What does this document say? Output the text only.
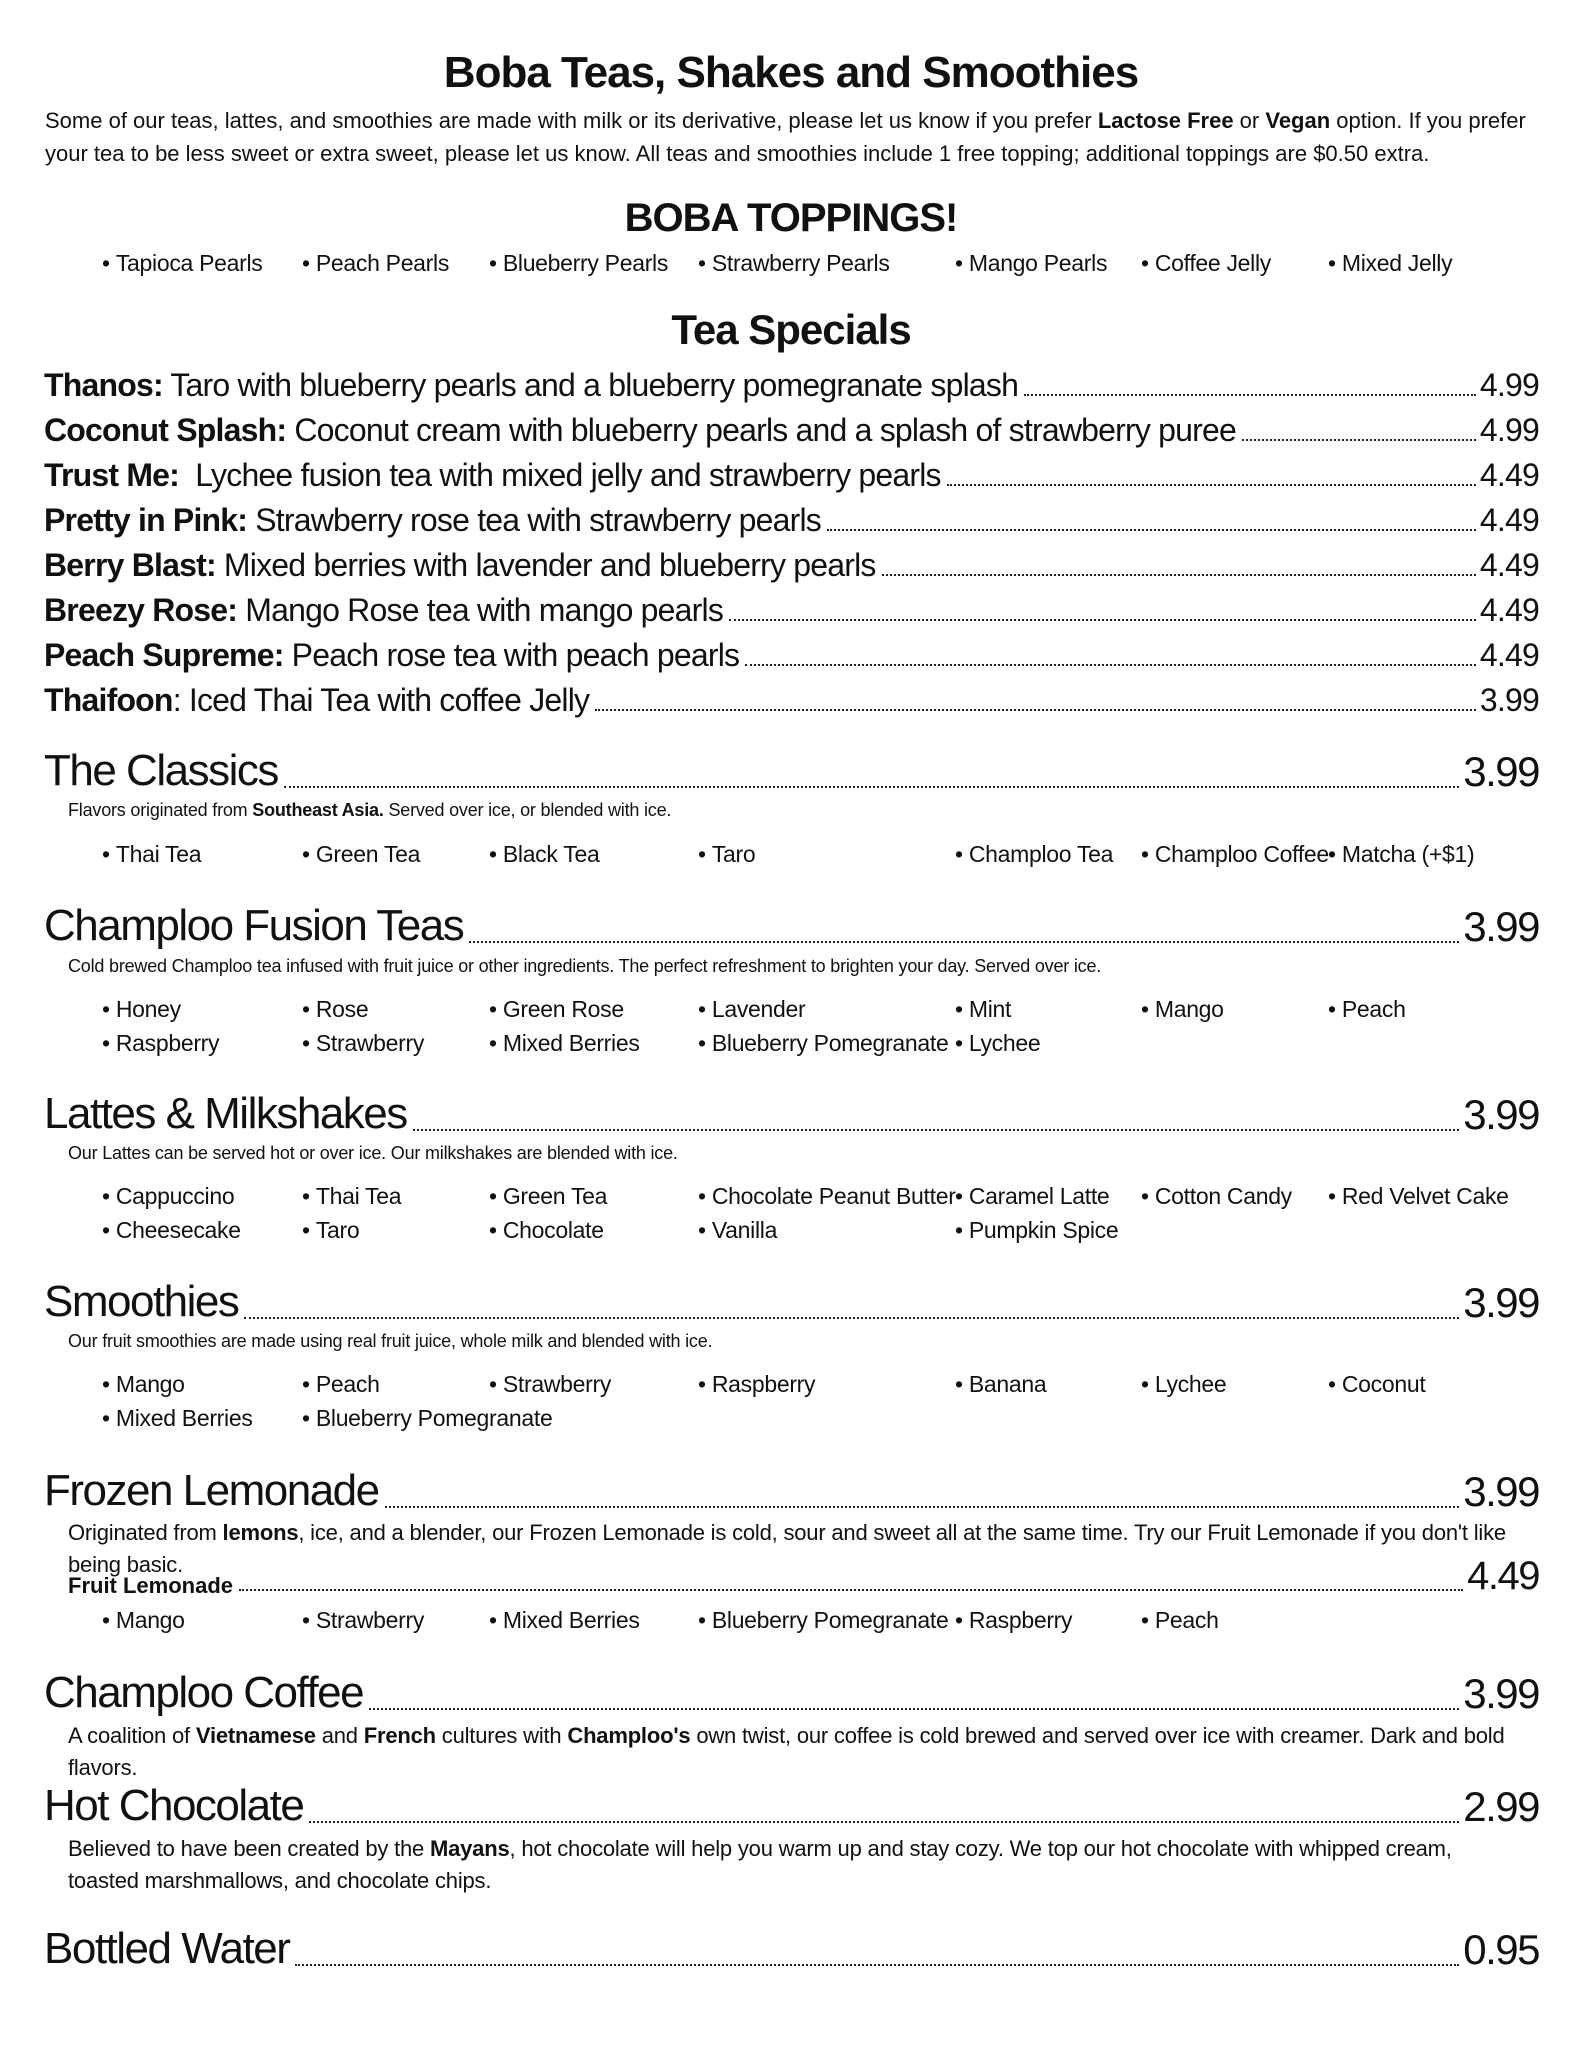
Boba Teas, Shakes and Smoothies
Some of our teas, lattes, and smoothies are made with milk or its derivative, please let us know if you prefer Lactose Free or Vegan option. If you prefer your tea to be less sweet or extra sweet, please let us know. All teas and smoothies include 1 free topping; additional toppings are $0.50 extra.
BOBA TOPPINGS!
• Tapioca Pearls	• Peach Pearls	• Blueberry Pearls	• Strawberry Pearls	• Mango Pearls	• Coffee Jelly	• Mixed Jelly
Tea Specials
Thanos: Taro with blueberry pearls and a blueberry pomegranate splash	4.99
Coconut Splash: Coconut cream with blueberry pearls and a splash of strawberry puree	4.99
Trust Me: Lychee fusion tea with mixed jelly and strawberry pearls	4.49
Pretty in Pink: Strawberry rose tea with strawberry pearls	4.49
Berry Blast: Mixed berries with lavender and blueberry pearls	4.49
Breezy Rose: Mango Rose tea with mango pearls	4.49
Peach Supreme: Peach rose tea with peach pearls	4.49
Thaifoon : Iced Thai Tea with coffee Jelly	3.99
The Classics	3.99
Flavors originated from Southeast Asia. Served over ice, or blended with ice.
• Thai Tea	• Green Tea	• Black Tea	• Taro	• Champloo Tea	• Champloo Coffee • Matcha (+$1)
Champloo Fusion Teas	3.99
Cold brewed Champloo tea infused with fruit juice or other ingredients. The perfect refreshment to brighten your day. Served over ice.
• Honey	• Rose	• Green Rose	• Lavender	• Mint	• Mango	• Peach
• Raspberry	• Strawberry	• Mixed Berries	• Blueberry Pomegranate • Lychee
Lattes & Milkshakes	3.99
Our Lattes can be served hot or over ice. Our milkshakes are blended with ice.
• Cappuccino	• Thai Tea	• Green Tea	• Chocolate Peanut Butter • Caramel Latte	• Cotton Candy	• Red Velvet Cake
• Cheesecake	• Taro	• Chocolate	• Vanilla	• Pumpkin Spice
Smoothies	3.99
Our fruit smoothies are made using real fruit juice, whole milk and blended with ice.
• Mango	• Peach	• Strawberry	• Raspberry	• Banana	• Lychee	• Coconut
• Mixed Berries	• Blueberry Pomegranate
Frozen Lemonade	3.99
Originated from lemons, ice, and a blender, our Frozen Lemonade is cold, sour and sweet all at the same time. Try our Fruit Lemonade if you don't like being basic.
Fruit Lemonade	4.49
• Mango	• Strawberry	• Mixed Berries	• Blueberry Pomegranate • Raspberry	• Peach
Champloo Coffee	3.99
A coalition of Vietnamese and French cultures with Champloo's own twist, our coffee is cold brewed and served over ice with creamer. Dark and bold flavors.
Hot Chocolate	2.99
Believed to have been created by the Mayans, hot chocolate will help you warm up and stay cozy. We top our hot chocolate with whipped cream, toasted marshmallows, and chocolate chips.
Bottled Water	0.95
